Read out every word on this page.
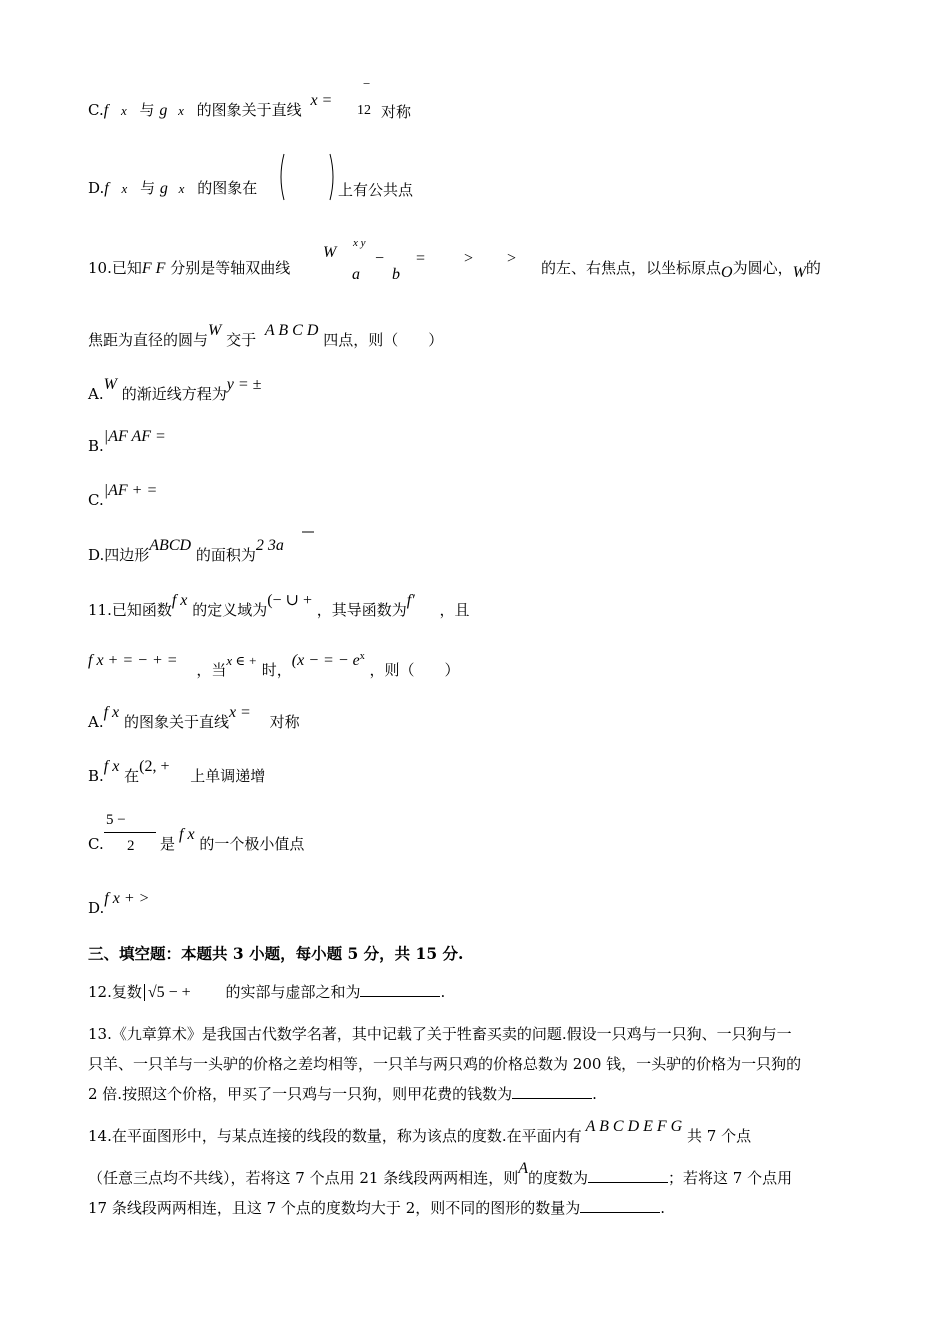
C.f x 与 g x 的图象关于直线 x =
−
12 对称
D.f x 与 g x 的图象在	上有公共点
10.已知F F 分别是等轴双曲线
W
x y
−
a b
= > >
的左、右焦点，以坐标原点O为圆心，W的
焦距为直径的圆与W 交于 A B C D 四点，则（　　）
A.W 的渐近线方程为y = ±
B.|AF AF =
C.|AF + =
D.四边形ABCD 的面积为2 3a
11.已知函数f x 的定义域为(− ∪ + ，其导函数为f′ ，且
f x + = − + = ，当x ∈ + 时，(x − = − $e^x$ ，则（　　）
A.f x 的图象关于直线x = 对称
B.f x 在(2, + 上单调递增
C.
5 −
2 是f x 的一个极小值点
D.f x + >
三、填空题：本题共 3 小题，每小题 5 分，共 15 分.
12.复数 √5 − + 的实部与虚部之和为	.
13.《九章算术》是我国古代数学名著，其中记载了关于牲畜买卖的问题.假设一只鸡与一只狗、一只狗与一
只羊、一只羊与一头驴的价格之差均相等，一只羊与两只鸡的价格总数为 200 钱，一头驴的价格为一只狗的
2 倍.按照这个价格，甲买了一只鸡与一只狗，则甲花费的钱数为	.
14.在平面图形中，与某点连接的线段的数量，称为该点的度数.在平面内有A B C D E F G 共 7 个点
（任意三点均不共线），若将这 7 个点用 21 条线段两两相连，则A的度数为	；若将这 7 个点用
17 条线段两两相连，且这 7 个点的度数均大于 2，则不同的图形的数量为	.
